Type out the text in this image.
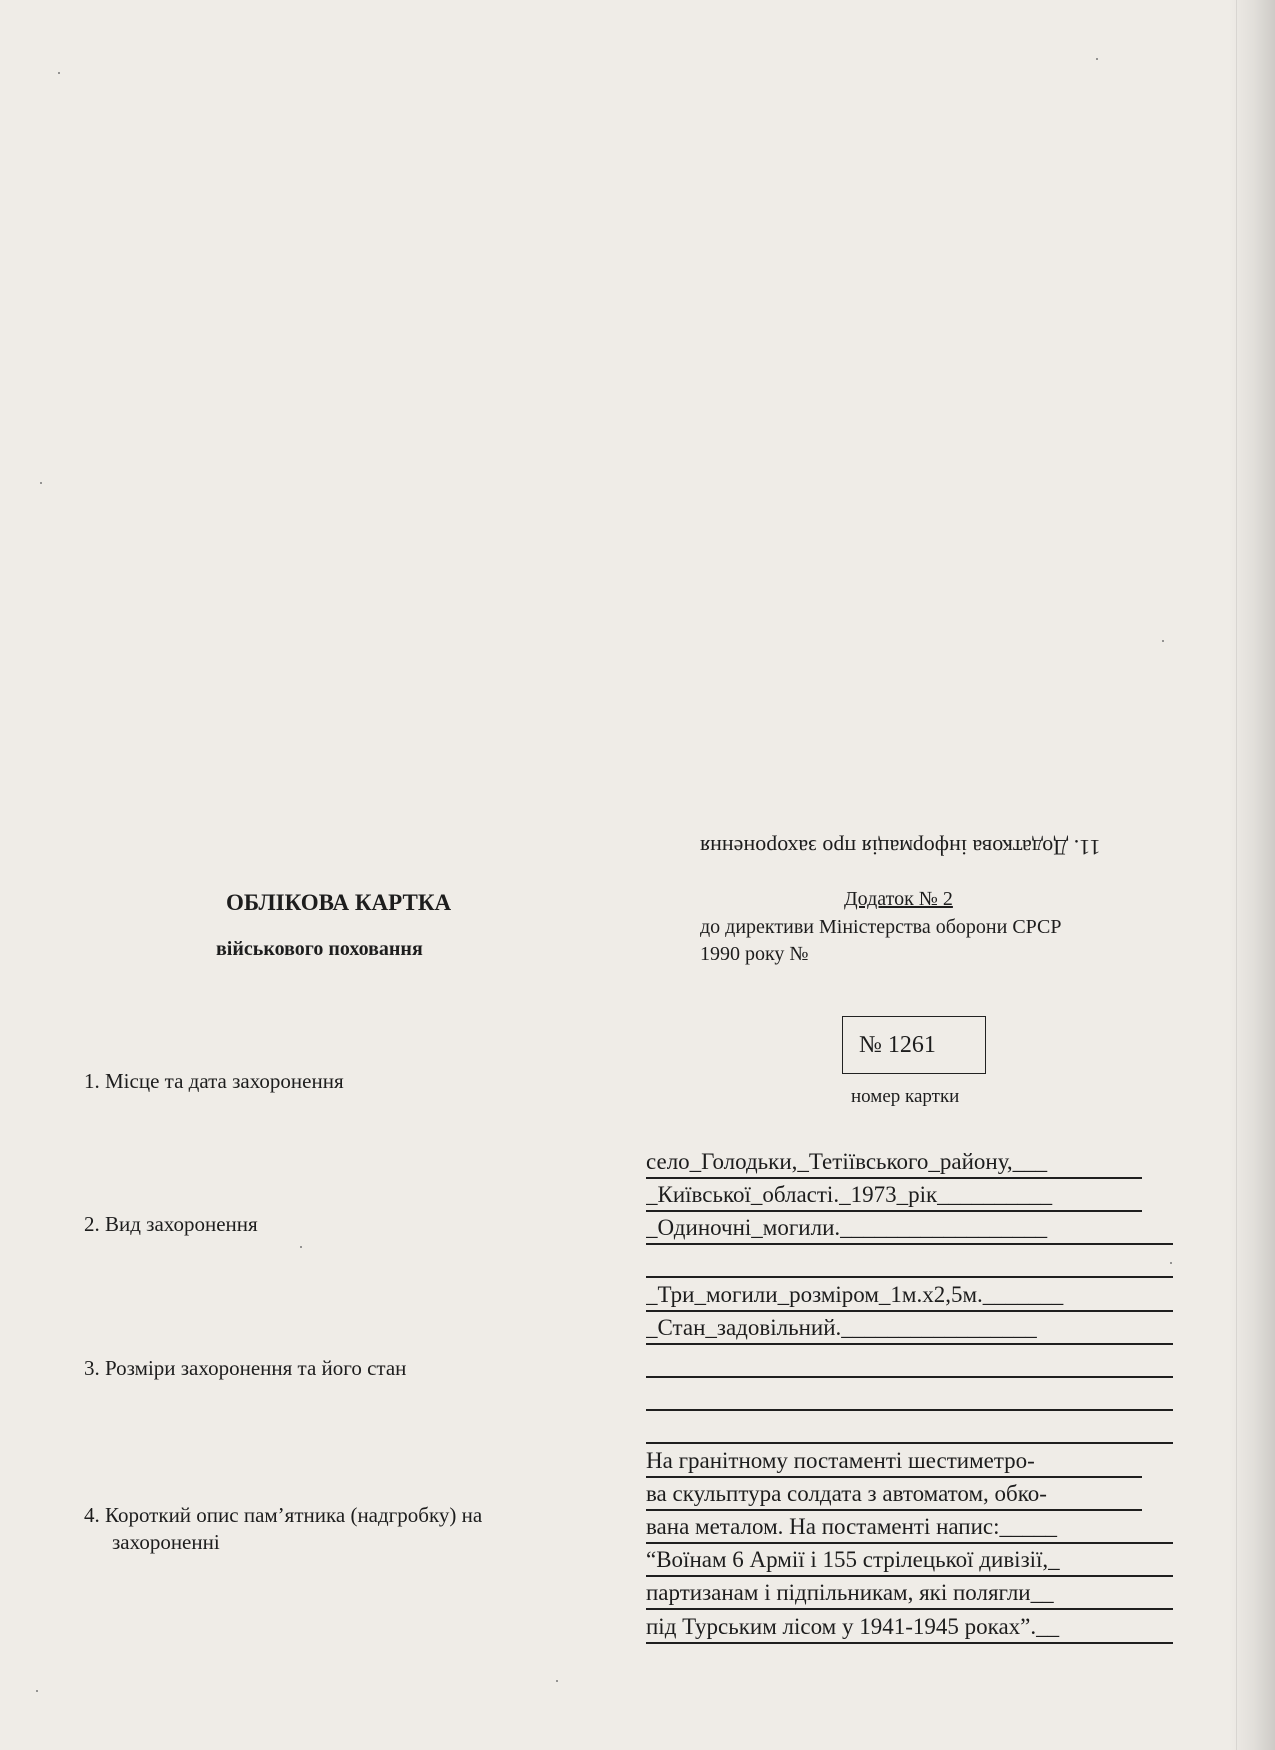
11. Додаткова інформація про захоронення
ОБЛІКОВА КАРТКА
військового поховання
Додаток № 2
до директиви Міністерства оборони СРСР
1990 року №
№ 1261
номер картки
1. Місце та дата захоронення
2. Вид захоронення
3. Розміри захоронення та його стан
4. Короткий опис пам’ятника (надгробку) на
захороненні
село_Голодьки,_Тетіївського_району,___
_Київської_області._1973_рік__________
_Одиночні_могили.__________________
_Три_могили_розміром_1м.х2,5м._______
_Стан_задовільний._________________
На гранітному постаменті шестиметро-
ва скульптура солдата з автоматом, обко-
вана металом. На постаменті напис:_____
“Воїнам 6 Армії і 155 стрілецької дивізії,_
партизанам і підпільникам, які полягли__
під Турським лісом у 1941-1945 роках”.__
